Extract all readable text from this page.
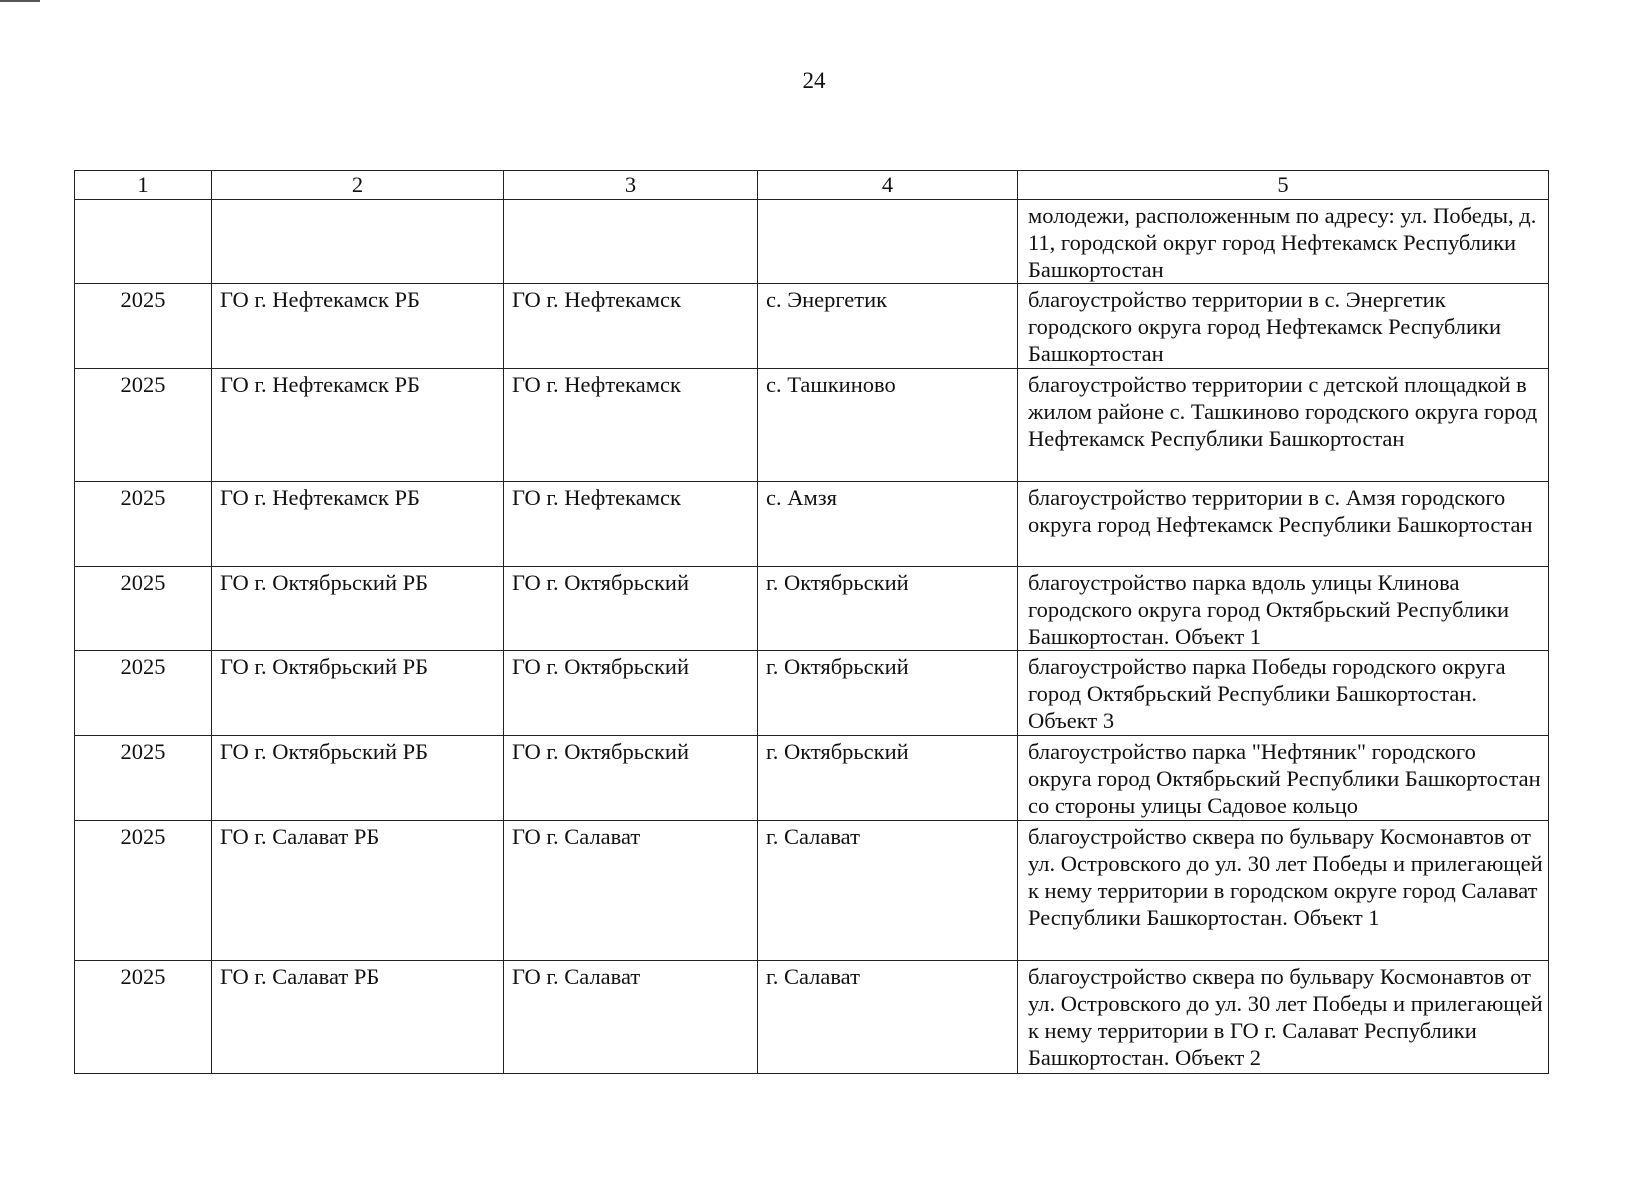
24
1	2	3	4	5
				молодежи, расположенным по адресу: ул. Победы, д. 11, городской округ город Нефтекамск Республики Башкортостан
2025	ГО г. Нефтекамск РБ	ГО г. Нефтекамск	с. Энергетик	благоустройство территории в с. Энергетик городского округа город Нефтекамск Республики Башкортостан
2025	ГО г. Нефтекамск РБ	ГО г. Нефтекамск	с. Ташкиново	благоустройство территории с детской площадкой в жилом районе с. Ташкиново городского округа город Нефтекамск Республики Башкортостан
2025	ГО г. Нефтекамск РБ	ГО г. Нефтекамск	с. Амзя	благоустройство территории в с. Амзя городского округа город Нефтекамск Республики Башкортостан
2025	ГО г. Октябрьский РБ	ГО г. Октябрьский	г. Октябрьский	благоустройство парка вдоль улицы Клинова городского округа город Октябрьский Республики Башкортостан. Объект 1
2025	ГО г. Октябрьский РБ	ГО г. Октябрьский	г. Октябрьский	благоустройство парка Победы городского округа город Октябрьский Республики Башкортостан. Объект 3
2025	ГО г. Октябрьский РБ	ГО г. Октябрьский	г. Октябрьский	благоустройство парка "Нефтяник" городского округа город Октябрьский Республики Башкортостан со стороны улицы Садовое кольцо
2025	ГО г. Салават РБ	ГО г. Салават	г. Салават	благоустройство сквера по бульвару Космонавтов от ул. Островского до ул. 30 лет Победы и прилегающей к нему территории в городском округе город Салават Республики Башкортостан. Объект 1
2025	ГО г. Салават РБ	ГО г. Салават	г. Салават	благоустройство сквера по бульвару Космонавтов от ул. Островского до ул. 30 лет Победы и прилегающей к нему территории в ГО г. Салават Республики Башкортостан. Объект 2
